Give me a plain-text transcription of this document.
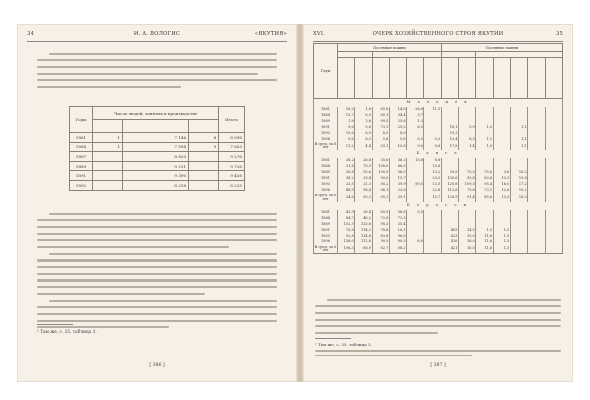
34	И. А. ВОЛОГИС	«ЯКУТИЯ»
Годы	Число людей, занятых в производстве			Итого

1881	1	7 146	8	8 098
1884	1	7 594	9	7 603
1887		8 620		9 276
1889		9 211		9 726
1891		9 390		9 458
1892		8 218		8 225
¹ Там же, с. 35, таблица 3.
[ 386 ]
XVI.	ОЧЕРК ХОЗЯЙСТВЕННОГО СТРОЯ ЯКУТИИ	35
Годы	Посевные пашни						Посевные пашни						

М а л ь ц е в													
1881	16,2	1,6	65,8	14,6	26,6	11,3							
1884	13,7	6,9	80,1	34,4	3,7								
1889	1,8	3,6	99,5	25,6	1,3								
1891	9,6	5,8	73,1	29,2	6,5		18,1	0,9	1,0		1,1		
1893	10,6	6,9	8,5	8,6			19,3						
1896	9,6	8,2	5,8	5,8	5,5	5,5	15,4	8,5	1,1		1,1		
В сред. за 6 лет	11,2	4,4	33,1	15,8	9,6	9,8	17,8	1,4	1,0		1,1		
Б а я г а													
1881	38,2	26,8	35,6	36,2	15,6	8,8							
1884	31,8	70,9	108,0	86,5		15,8							
1889	26,8	55,6	100,9	36,5		13,2	29,8	70,5	75,6	3,6	16,2		
1891	38,2	29,4	90,0	15,7		20,5	130,6	95,8	83,6	13,3	19,8		
1893	23,5	21,3	95,2	39,9	99,5	13,5	120,8	109,5	95,4	16,0	17,2		
1896	48,5	96,4	96,1	23,6		22,6	113,8	79,8	73,1	12,6	10,2		
В сред. за 6 лет	34,6	50,2	95,1	39,1		15,7	128,9	91,4	85,6	13,3	16,3		
Б о р о г о н													
1881	43,9	36,4	65,9	36,6	9,5								
1884	84,7	46,2	72,8	72,3									
1889	102,3	125,8	98,3	35,4									
1891	70,8	114,2	78,8	18,1			405	14,5	1,5	1,5			
1893	92,8	114,8	83,8	96,8			423	15,0	11,6	1,5			
1896	138,0	112,8	90,5	90,5	6,9		426	16,0	11,6	1,5			
В сред. за 6 лет	106,3	88,9	82,7	58,2			421	16,0	11,6	1,5			
¹ Там же, с. 35, таблица 3.
[ 387 ]
